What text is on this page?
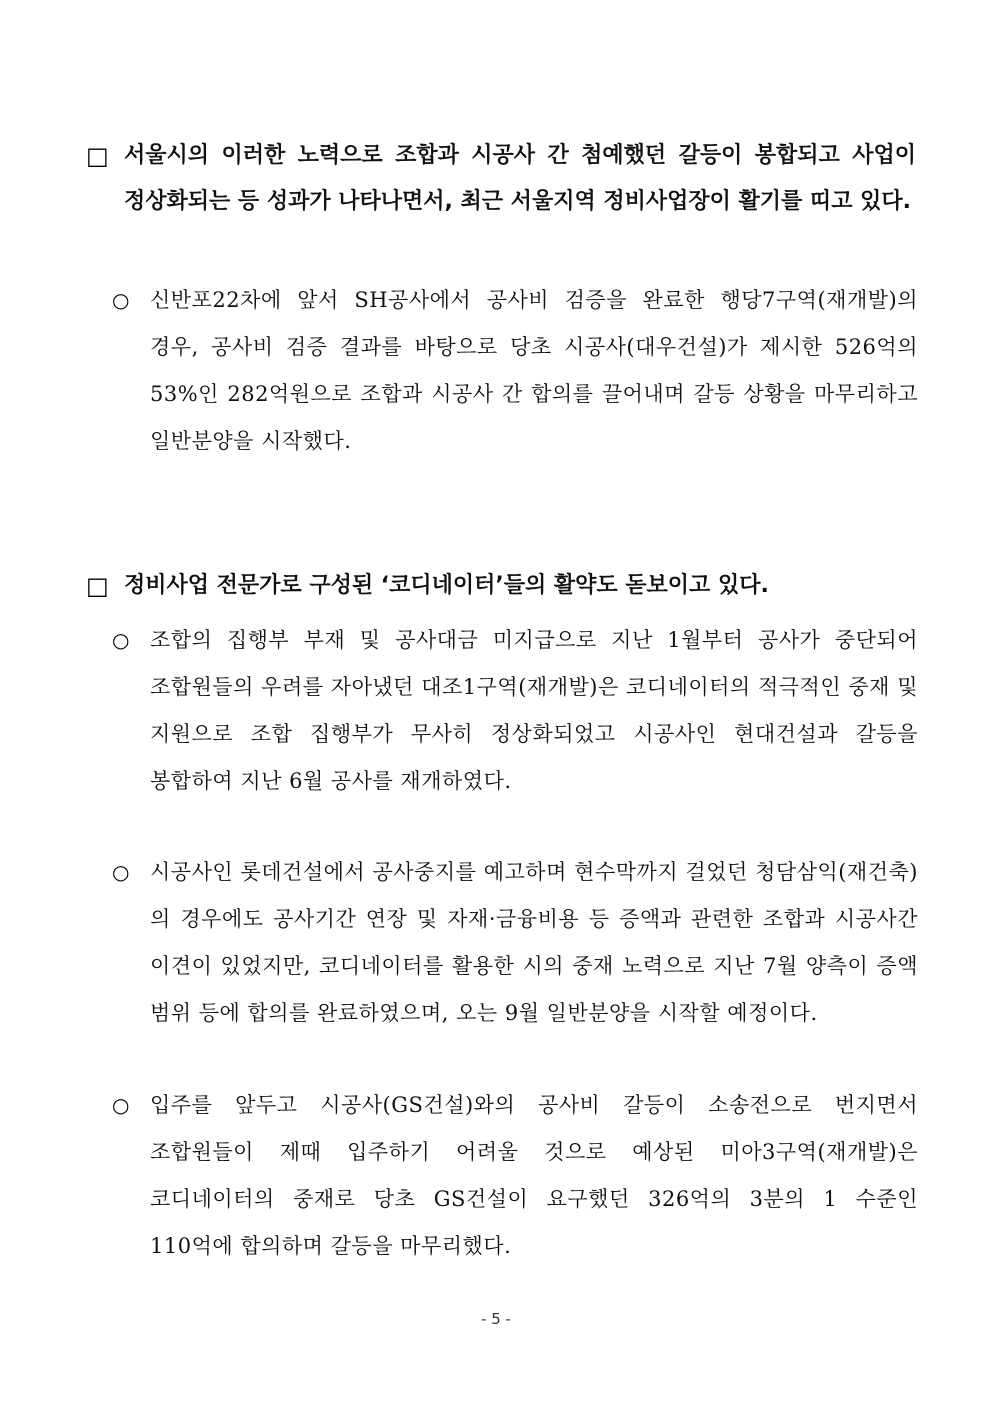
□ 서울시의 이러한 노력으로 조합과 시공사 간 첨예했던 갈등이 봉합되고 사업이 정상화되는 등 성과가 나타나면서, 최근 서울지역 정비사업장이 활기를 띠고 있다.
○ 신반포22차에 앞서 SH공사에서 공사비 검증을 완료한 행당7구역(재개발)의 경우, 공사비 검증 결과를 바탕으로 당초 시공사(대우건설)가 제시한 526억의 53%인 282억원으로 조합과 시공사 간 합의를 끌어내며 갈등 상황을 마무리하고 일반분양을 시작했다.
□ 정비사업 전문가로 구성된 ‘코디네이터’들의 활약도 돋보이고 있다.
○ 조합의 집행부 부재 및 공사대금 미지급으로 지난 1월부터 공사가 중단되어 조합원들의 우려를 자아냈던 대조1구역(재개발)은 코디네이터의 적극적인 중재 및 지원으로 조합 집행부가 무사히 정상화되었고 시공사인 현대건설과 갈등을 봉합하여 지난 6월 공사를 재개하였다.
○ 시공사인 롯데건설에서 공사중지를 예고하며 현수막까지 걸었던 청담삼익(재건축)의 경우에도 공사기간 연장 및 자재·금융비용 등 증액과 관련한 조합과 시공사간 이견이 있었지만, 코디네이터를 활용한 시의 중재 노력으로 지난 7월 양측이 증액 범위 등에 합의를 완료하였으며, 오는 9월 일반분양을 시작할 예정이다.
○ 입주를 앞두고 시공사(GS건설)와의 공사비 갈등이 소송전으로 번지면서 조합원들이 제때 입주하기 어려울 것으로 예상된 미아3구역(재개발)은 코디네이터의 중재로 당초 GS건설이 요구했던 326억의 3분의 1 수준인 110억에 합의하며 갈등을 마무리했다.
- 5 -
